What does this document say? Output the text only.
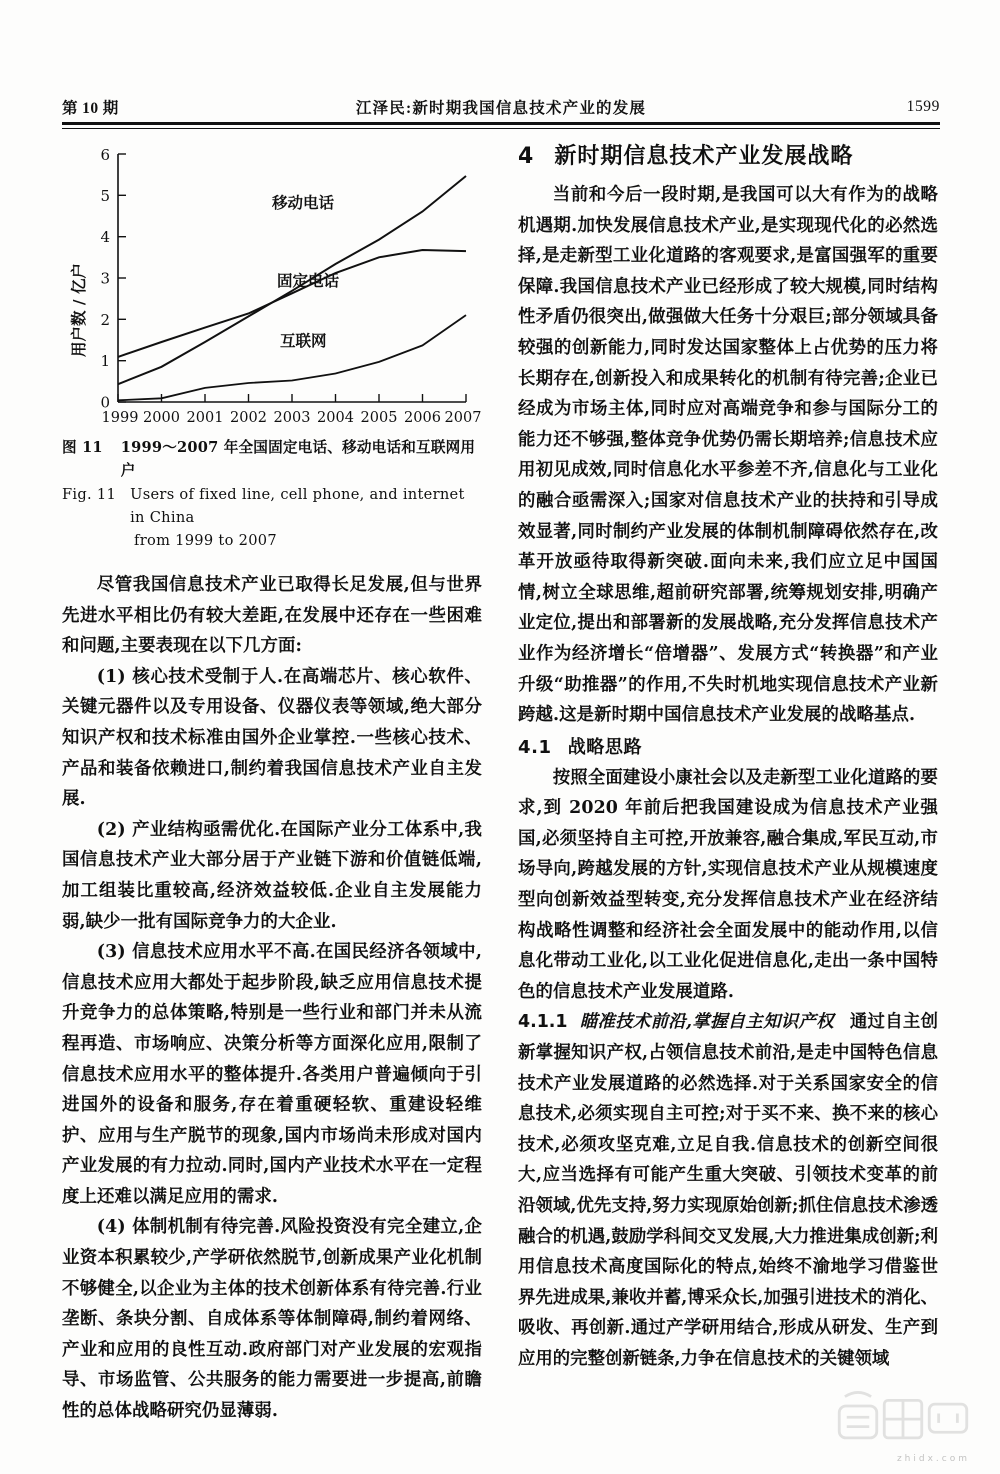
第 10 期	江泽民:新时期我国信息技术产业的发展	1599
6
5
4
3
2
1
0
1999 2000 2001 2002 2003 2004 2005 2006 2007
用户数 / 亿户
移动电话
固定电话
互联网
图 11 1999～2007 年全国固定电话、移动电话和互联网用户
Fig. 11 Users of fixed line, cell phone, and internet in China
from 1999 to 2007

尽管我国信息技术产业已取得长足发展,但与世界先进水平相比仍有较大差距,在发展中还存在一些困难和问题,主要表现在以下几方面:

(1) 核心技术受制于人.在高端芯片、核心软件、关键元器件以及专用设备、仪器仪表等领域,绝大部分知识产权和技术标准由国外企业掌控.一些核心技术、产品和装备依赖进口,制约着我国信息技术产业自主发展.

(2) 产业结构亟需优化.在国际产业分工体系中,我国信息技术产业大部分居于产业链下游和价值链低端,加工组装比重较高,经济效益较低.企业自主发展能力弱,缺少一批有国际竞争力的大企业.

(3) 信息技术应用水平不高.在国民经济各领域中,信息技术应用大都处于起步阶段,缺乏应用信息技术提升竞争力的总体策略,特别是一些行业和部门并未从流程再造、市场响应、决策分析等方面深化应用,限制了信息技术应用水平的整体提升.各类用户普遍倾向于引进国外的设备和服务,存在着重硬轻软、重建设轻维护、应用与生产脱节的现象,国内市场尚未形成对国内产业发展的有力拉动.同时,国内产业技术水平在一定程度上还难以满足应用的需求.

(4) 体制机制有待完善.风险投资没有完全建立,企业资本积累较少,产学研依然脱节,创新成果产业化机制不够健全,以企业为主体的技术创新体系有待完善.行业垄断、条块分割、自成体系等体制障碍,制约着网络、产业和应用的良性互动.政府部门对产业发展的宏观指导、市场监管、公共服务的能力需要进一步提高,前瞻性的总体战略研究仍显薄弱.

4 新时期信息技术产业发展战略

当前和今后一段时期,是我国可以大有作为的战略机遇期.加快发展信息技术产业,是实现现代化的必然选择,是走新型工业化道路的客观要求,是富国强军的重要保障.我国信息技术产业已经形成了较大规模,同时结构性矛盾仍很突出,做强做大任务十分艰巨;部分领域具备较强的创新能力,同时发达国家整体上占优势的压力将长期存在,创新投入和成果转化的机制有待完善;企业已经成为市场主体,同时应对高端竞争和参与国际分工的能力还不够强,整体竞争优势仍需长期培养;信息技术应用初见成效,同时信息化水平参差不齐,信息化与工业化的融合亟需深入;国家对信息技术产业的扶持和引导成效显著,同时制约产业发展的体制机制障碍依然存在,改革开放亟待取得新突破.面向未来,我们应立足中国国情,树立全球思维,超前研究部署,统筹规划安排,明确产业定位,提出和部署新的发展战略,充分发挥信息技术产业作为经济增长“倍增器”、发展方式“转换器”和产业升级“助推器”的作用,不失时机地实现信息技术产业新跨越.这是新时期中国信息技术产业发展的战略基点.

4.1 战略思路

按照全面建设小康社会以及走新型工业化道路的要求,到 2020 年前后把我国建设成为信息技术产业强国,必须坚持自主可控,开放兼容,融合集成,军民互动,市场导向,跨越发展的方针,实现信息技术产业从规模速度型向创新效益型转变,充分发挥信息技术产业在经济结构战略性调整和经济社会全面发展中的能动作用,以信息化带动工业化,以工业化促进信息化,走出一条中国特色的信息技术产业发展道路.

4.1.1 瞄准技术前沿,掌握自主知识产权 通过自主创新掌握知识产权,占领信息技术前沿,是走中国特色信息技术产业发展道路的必然选择.对于关系国家安全的信息技术,必须实现自主可控;对于买不来、换不来的核心技术,必须攻坚克难,立足自我.信息技术的创新空间很大,应当选择有可能产生重大突破、引领技术变革的前沿领域,优先支持,努力实现原始创新;抓住信息技术渗透融合的机遇,鼓励学科间交叉发展,大力推进集成创新;利用信息技术高度国际化的特点,始终不渝地学习借鉴世界先进成果,兼收并蓄,博采众长,加强引进技术的消化、吸收、再创新.通过产学研用结合,形成从研发、生产到应用的完整创新链条,力争在信息技术的关键领域

zhidx.com
